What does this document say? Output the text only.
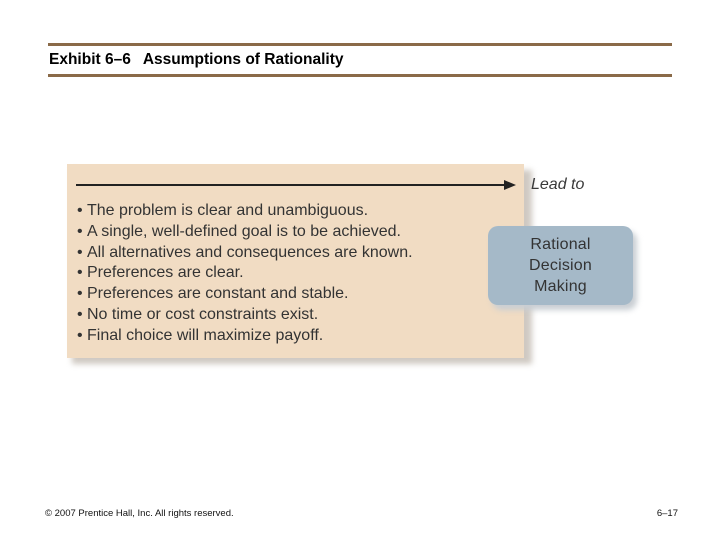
Exhibit 6–6 Assumptions of Rationality
Lead to
• The problem is clear and unambiguous.
• A single, well-defined goal is to be achieved.
• All alternatives and consequences are known.
• Preferences are clear.
• Preferences are constant and stable.
• No time or cost constraints exist.
• Final choice will maximize payoff.
Rational
Decision
Making
© 2007 Prentice Hall, Inc. All rights reserved.	6–17
